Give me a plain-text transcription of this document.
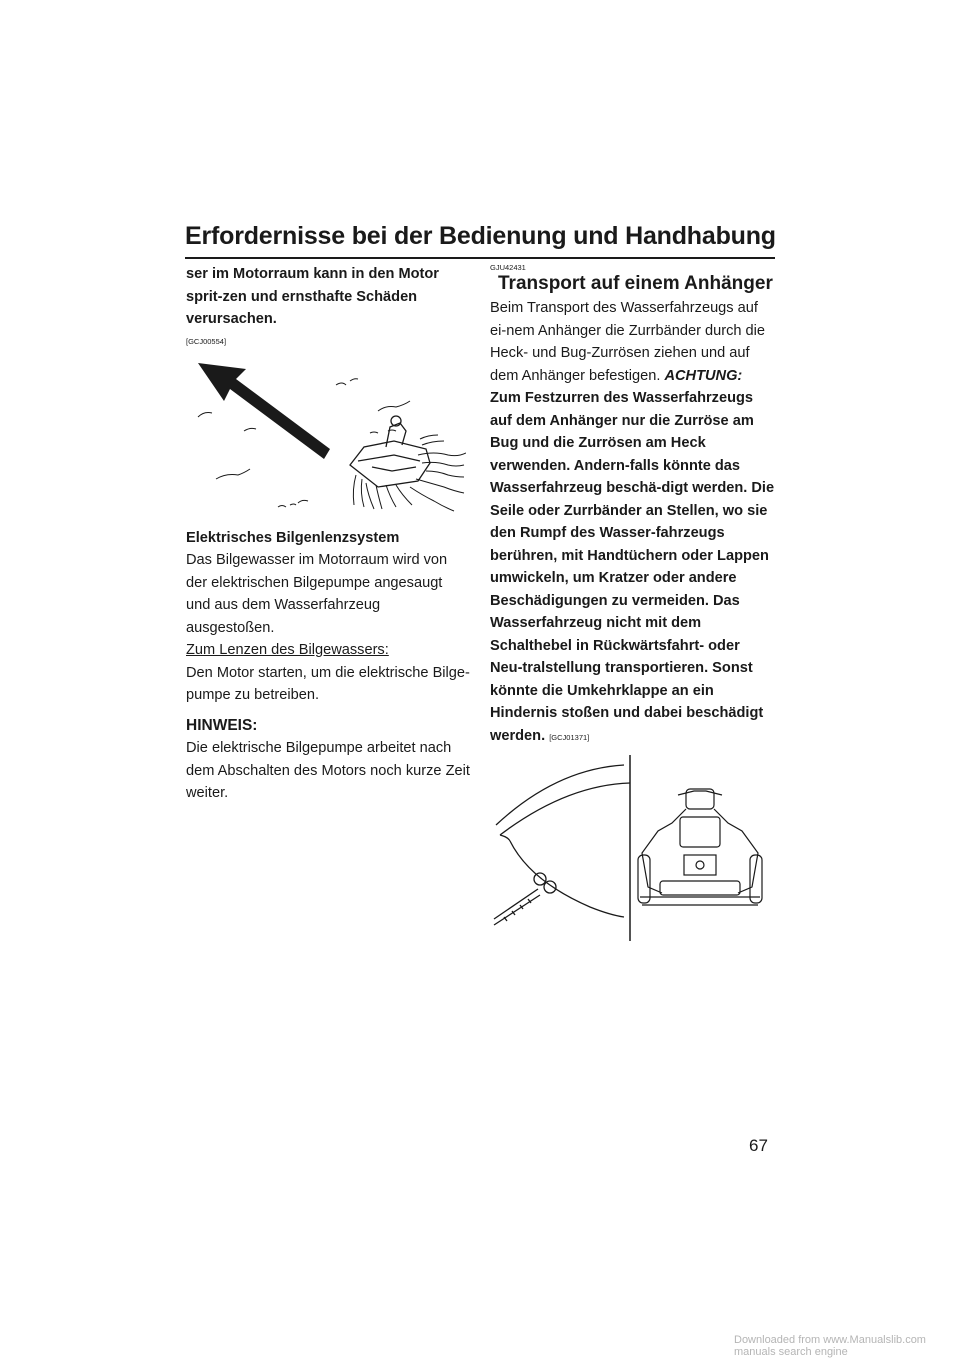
Erfordernisse bei der Bedienung und Handhabung

ser im Motorraum kann in den Motor sprit-zen und ernsthafte Schäden verursachen.

[GCJ00554]

Elektrisches Bilgenlenzsystem

Das Bilgewasser im Motorraum wird von der elektrischen Bilgepumpe angesaugt und aus dem Wasserfahrzeug ausgestoßen.

Zum Lenzen des Bilgewassers:

Den Motor starten, um die elektrische Bilge-pumpe zu betreiben.

HINWEIS:

Die elektrische Bilgepumpe arbeitet nach dem Abschalten des Motors noch kurze Zeit weiter.

GJU42431

Transport auf einem Anhänger

Beim Transport des Wasserfahrzeugs auf ei-nem Anhänger die Zurrbänder durch die Heck- und Bug-Zurrösen ziehen und auf dem Anhänger befestigen. ACHTUNG: Zum Festzurren des Wasserfahrzeugs auf dem Anhänger nur die Zurröse am Bug und die Zurrösen am Heck verwenden. Andern-falls könnte das Wasserfahrzeug beschä-digt werden. Die Seile oder Zurrbänder an Stellen, wo sie den Rumpf des Wasser-fahrzeugs berühren, mit Handtüchern oder Lappen umwickeln, um Kratzer oder andere Beschädigungen zu vermeiden. Das Wasserfahrzeug nicht mit dem Schalthebel in Rückwärtsfahrt- oder Neu-tralstellung transportieren. Sonst könnte die Umkehrklappe an ein Hindernis stoßen und dabei beschädigt werden. [GCJ01371]

67
Downloaded from www.Manualslib.com manuals search engine
